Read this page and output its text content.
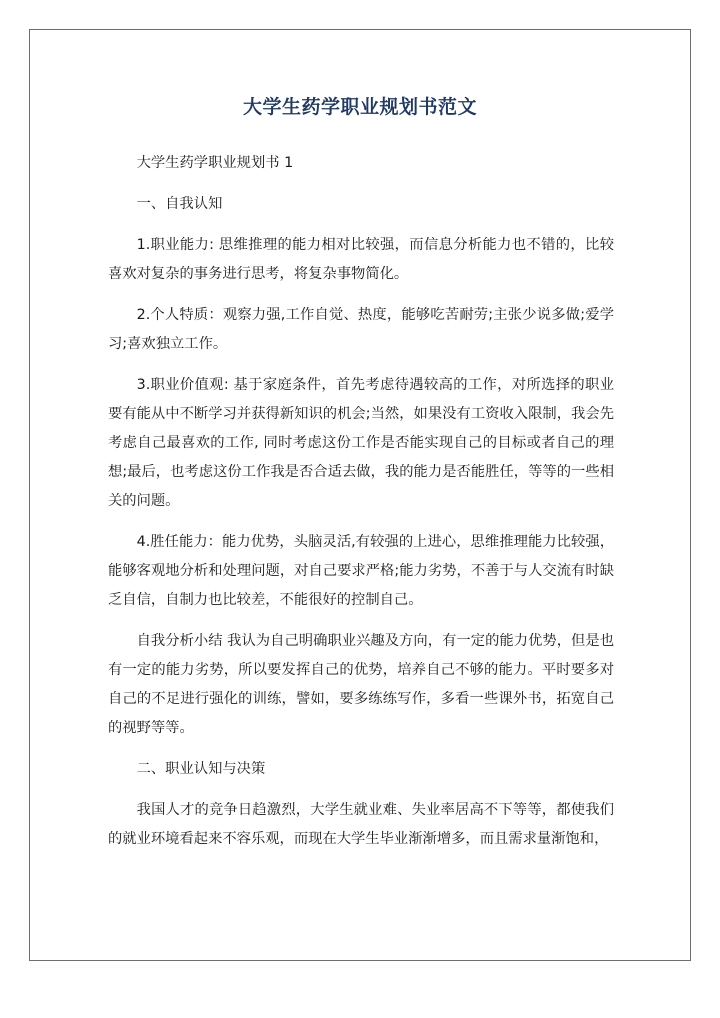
大学生药学职业规划书范文

大学生药学职业规划书 1

一、自我认知

1.职业能力: 思维推理的能力相对比较强，而信息分析能力也不错的，比较喜欢对复杂的事务进行思考，将复杂事物简化。

2.个人特质：观察力强,工作自觉、热度，能够吃苦耐劳;主张少说多做;爱学习;喜欢独立工作。

3.职业价值观: 基于家庭条件，首先考虑待遇较高的工作，对所选择的职业要有能从中不断学习并获得新知识的机会;当然，如果没有工资收入限制，我会先考虑自己最喜欢的工作, 同时考虑这份工作是否能实现自己的目标或者自己的理想;最后，也考虑这份工作我是否合适去做，我的能力是否能胜任，等等的一些相关的问题。

4.胜任能力：能力优势，头脑灵活,有较强的上进心，思维推理能力比较强，能够客观地分析和处理问题，对自己要求严格;能力劣势，不善于与人交流有时缺乏自信，自制力也比较差，不能很好的控制自己。

自我分析小结 我认为自己明确职业兴趣及方向，有一定的能力优势，但是也有一定的能力劣势，所以要发挥自己的优势，培养自己不够的能力。平时要多对自己的不足进行强化的训练，譬如，要多练练写作，多看一些课外书，拓宽自己的视野等等。

二、职业认知与决策

我国人才的竞争日趋激烈，大学生就业难、失业率居高不下等等，都使我们的就业环境看起来不容乐观，而现在大学生毕业渐渐增多，而且需求量渐饱和，
